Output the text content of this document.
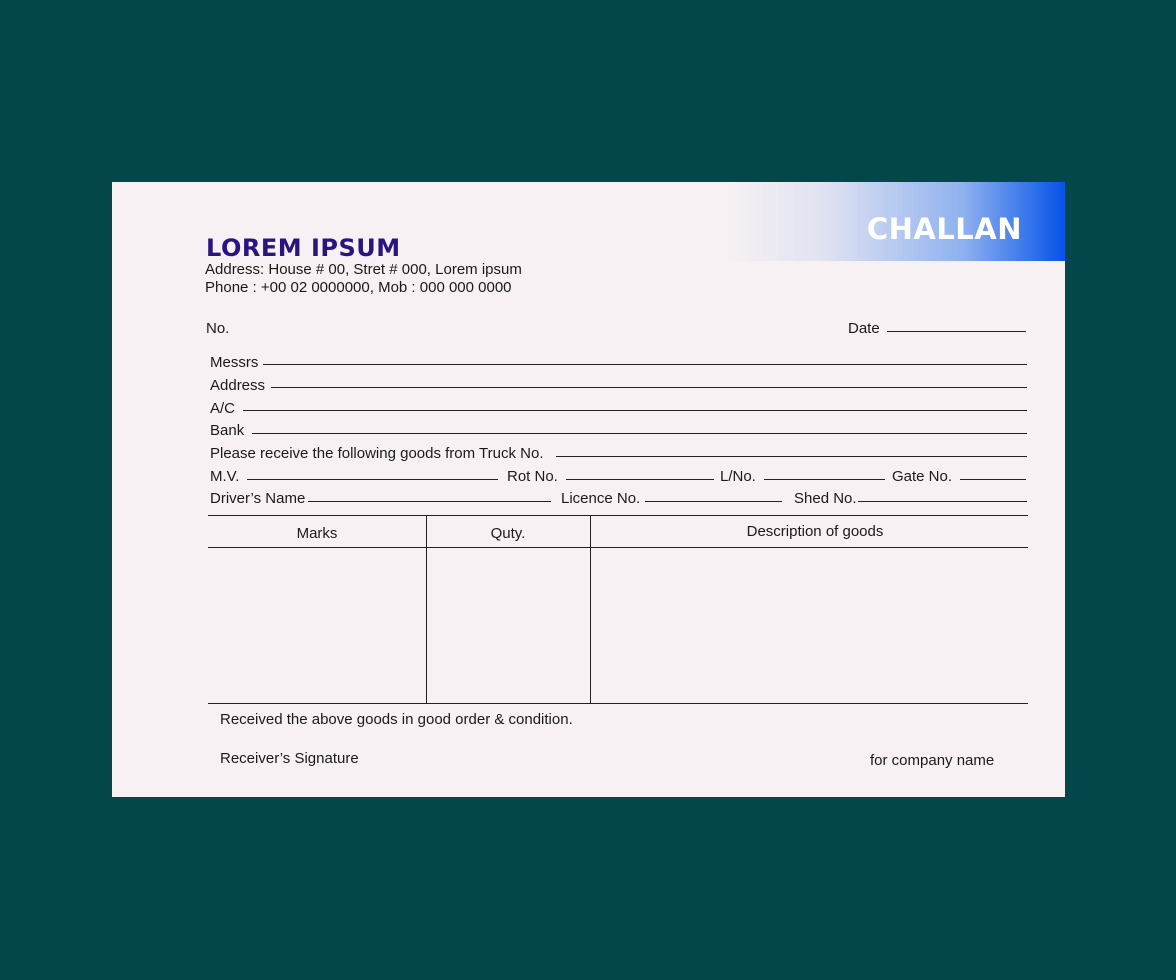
CHALLAN
LOREM IPSUM
Address: House # 00, Stret # 000, Lorem ipsum
Phone : +00 02 0000000, Mob : 000 000 0000
No.	Date
Messrs
Address
A/C
Bank
Please receive the following goods from Truck No.
M.V.	Rot No.	L/No.	Gate No.
Driver’s Name	Licence No.	Shed No.
Marks	Quty.	Description of goods
Received the above goods in good order & condition.
Receiver’s Signature	for company name
